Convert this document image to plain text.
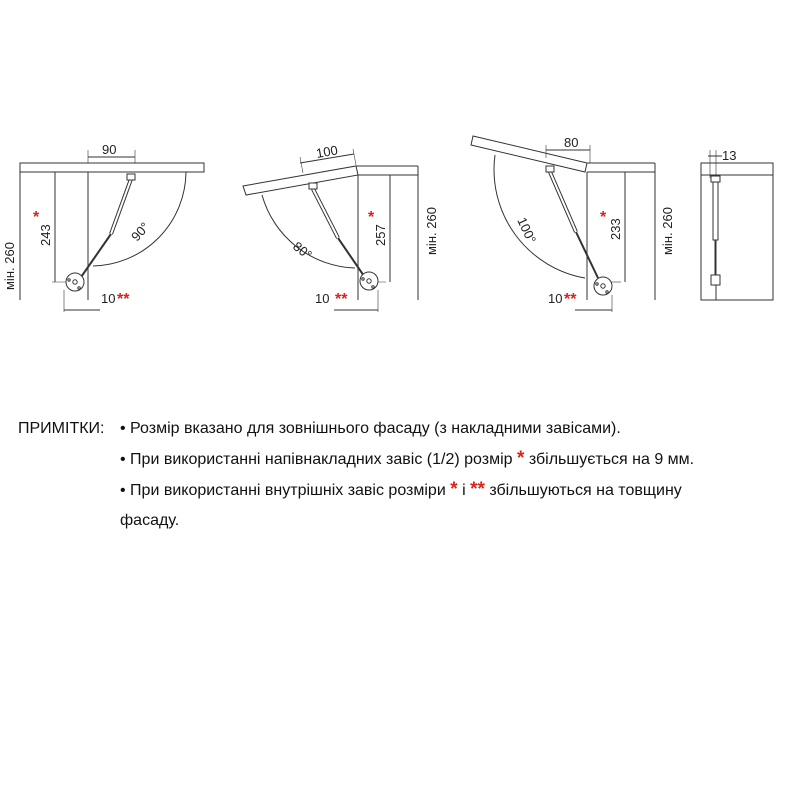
мін. 260
243
*
90
90°
10 **
100
257
*	мін. 260
80°
10 **
80
233
*	мін. 260
100°
10 **
13
ПРИМІТКИ: • Розмір вказано для зовнішнього фасаду (з накладними завісами).
• При використанні напівнакладних завіс (1/2) розмір * збільшується на 9 мм.
• При використанні внутрішніх завіс розміри * і ** збільшуються на товщину
фасаду.
